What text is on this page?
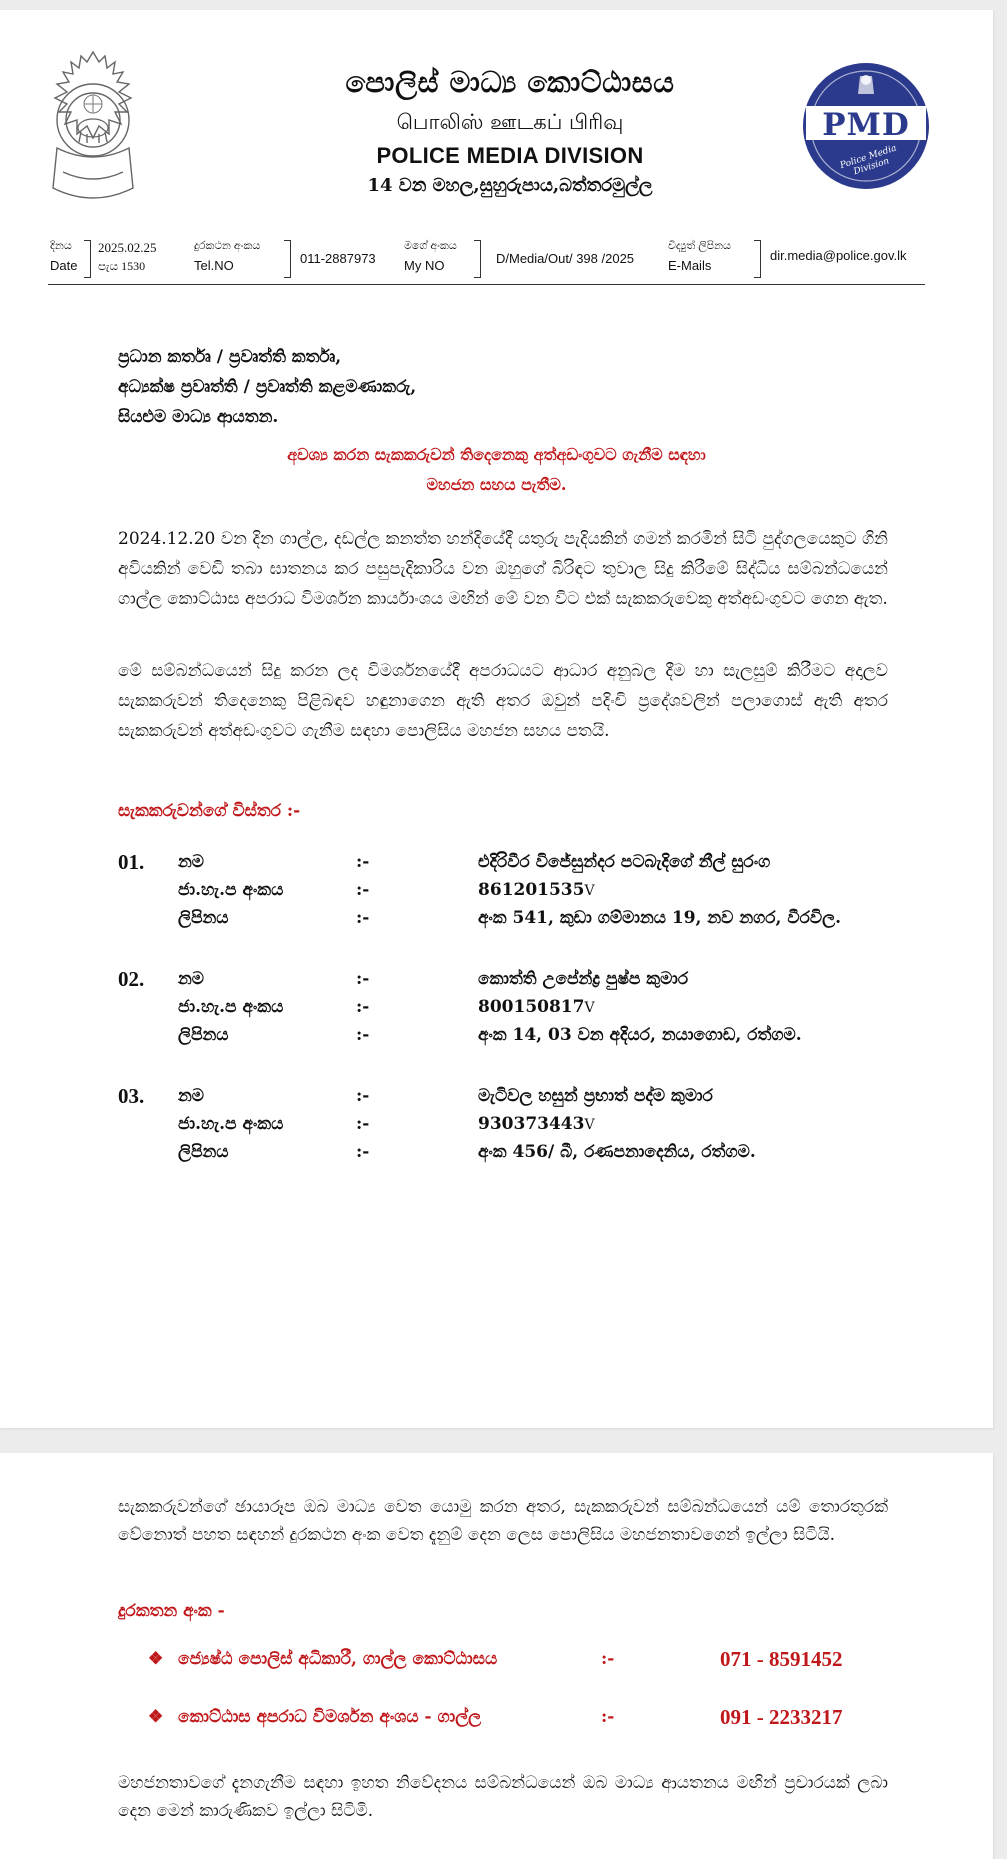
පොලිස් මාධ්‍ය කොට්ඨාසය
பொலிஸ் ஊடகப் பிரிவு
POLICE MEDIA DIVISION
14 වන මහල,සුහුරුපාය,බත්තරමුල්ල
PMD
Police Media Division
දිනය
Date
2025.02.25
පැය 1530
දුරකථන අංකය
Tel.NO	011-2887973
මගේ අංකය
My NO	D/Media/Out/ 398 /2025
විද්‍යුත් ලිපිනය
E-Mails
dir.media@police.gov.lk
ප්‍රධාන කර්තෘ / ප්‍රවෘත්ති කර්තෘ,
අධ්‍යක්ෂ ප්‍රවෘත්ති / ප්‍රවෘත්ති කළමණාකරු,
සියළුම මාධ්‍ය ආයතන.
අවශ්‍ය කරන සැකකරුවන් තිදෙනෙකු අත්අඩංගුවට ගැනීම සඳහා
මහජන සහය පැතීම.
2024.12.20 වන දින ගාල්ල, දඩල්ල කනත්ත හන්දියේදී යතුරු පැදියකින් ගමන් කරමින් සිටි පුද්ගලයෙකුට ගිනි අවියකින් වෙඩි තබා ඝාතනය කර පසුපැදිකාරිය වන ඔහුගේ බිරිඳට තුවාල සිදු කිරීමේ සිද්ධිය සම්බන්ධයෙන් ගාල්ල කොට්ඨාස අපරාධ විමර්ශන කාර්යාංශය මඟින් මේ වන විට එක් සැකකරුවෙකු අත්අඩංගුවට ගෙන ඇත.
මේ සම්බන්ධයෙන් සිදු කරන ලද විමර්ශනයේදී අපරාධයට ආධාර අනුබල දීම හා සැලසුම් කිරීමට අදාලව සැකකරුවන් තිදෙනෙකු පිළිබඳව හඳුනාගෙන ඇති අතර ඔවුන් පදිංචි ප්‍රදේශවලින් පලාගොස් ඇති අතර සැකකරුවන් අත්අඩංගුවට ගැනීම සඳහා පොලිසිය මහජන සහය පතයි.
සැකකරුවන්ගේ විස්තර :-
01. නම	:-	එදිරිවීර විජේසුන්දර පටබැදිගේ නීල් සුරංග
ජා.හැ.ප අංකය	:-	861201535V
ලිපිනය	:-	අංක 541, කුඩා ගම්මානය 19, නව නගර, වීරවිල.
02. නම	:-	කොත්ති උපේන්ද්‍ර පුෂ්ප කුමාර
ජා.හැ.ප අංකය	:-	800150817V
ලිපිනය	:-	අංක 14, 03 වන අදියර, නයාගොඩ, රත්ගම.
03. නම	:-	මැටිවල හසුන් ප්‍රභාත් පද්ම කුමාර
ජා.හැ.ප අංකය	:-	930373443V
ලිපිනය	:-	අංක 456/ බී, රණපනාදෙනිය, රත්ගම.
සැකකරුවන්ගේ ඡායාරූප ඔබ මාධ්‍ය වෙත යොමු කරන අතර, සැකකරුවන් සම්බන්ධයෙන් යම් තොරතුරක් වේනොත් පහත සඳහන් දුරකථන අංක වෙත දැනුම් දෙන ලෙස පොලිසිය මහජනතාවගෙන් ඉල්ලා සිටියි.
දුරකතන අංක -
❖ ජ්‍යෙෂ්ඨ පොලිස් අධිකාරී, ගාල්ල කොට්ඨාසය	:-	071 - 8591452
❖ කොට්ඨාස අපරාධ විමර්ශන අංශය - ගාල්ල	:-	091 - 2233217
මහජනතාවගේ දැනගැනීම සඳහා ඉහත නිවේදනය සම්බන්ධයෙන් ඔබ මාධ්‍ය ආයතනය මඟින් ප්‍රචාරයක් ලබා දෙන මෙන් කාරුණිකව ඉල්ලා සිටිමි.
